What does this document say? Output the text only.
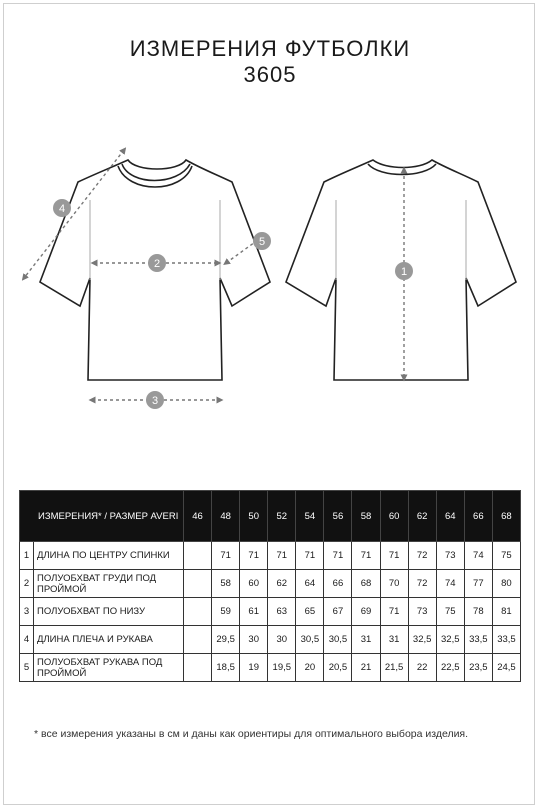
ИЗМЕРЕНИЯ ФУТБОЛКИ
3605
1
2
3
4
5
ИЗМЕРЕНИЯ* / РАЗМЕР AVERI		46	48	50	52	54	56	58	60	62	64	66	68
1	ДЛИНА ПО ЦЕНТРУ СПИНКИ		71	71	71	71	71	71	71	72	73	74	75
2	ПОЛУОБХВАТ ГРУДИ ПОД ПРОЙМОЙ		58	60	62	64	66	68	70	72	74	77	80
3	ПОЛУОБХВАТ ПО НИЗУ		59	61	63	65	67	69	71	73	75	78	81
4	ДЛИНА ПЛЕЧА И РУКАВА		29,5	30	30	30,5	30,5	31	31	32,5	32,5	33,5	33,5
5	ПОЛУОБХВАТ РУКАВА ПОД ПРОЙМОЙ		18,5	19	19,5	20	20,5	21	21,5	22	22,5	23,5	24,5
* все измерения указаны в см и даны как ориентиры для оптимального выбора изделия.
